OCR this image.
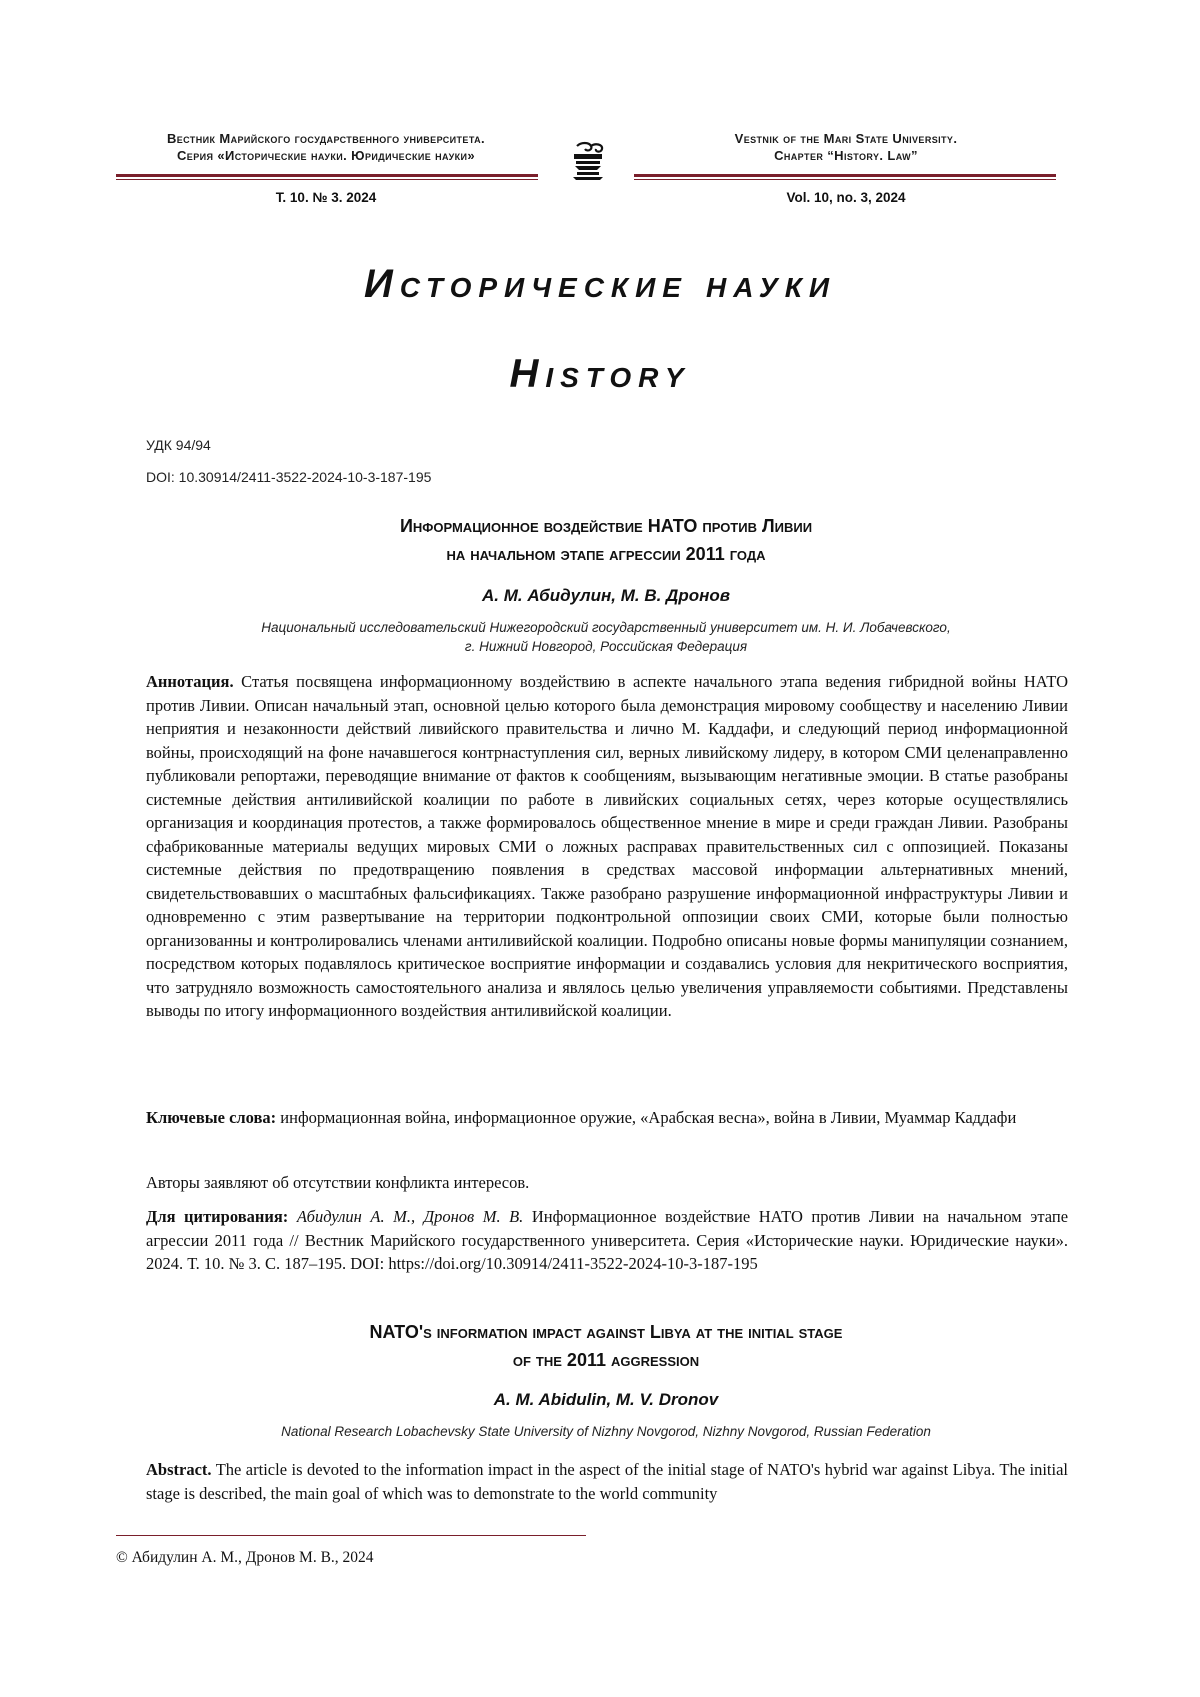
Вестник Марийского государственного университета.
Серия «Исторические науки. Юридические науки»
Vestnik of the Mari State University.
Chapter “History. Law”
Т. 10. № 3. 2024	Vol. 10, no. 3, 2024
Исторические науки
History
УДК 94/94
DOI: 10.30914/2411-3522-2024-10-3-187-195
Информационное воздействие НАТО против Ливии
на начальном этапе агрессии 2011 года
А. М. Абидулин, М. В. Дронов
Национальный исследовательский Нижегородский государственный университет им. Н. И. Лобачевского,
г. Нижний Новгород, Российская Федерация

Аннотация. Статья посвящена информационному воздействию в аспекте начального этапа ведения гибридной войны НАТО против Ливии. Описан начальный этап, основной целью которого была демонстрация мировому сообществу и населению Ливии неприятия и незаконности действий ливийского правительства и лично М. Каддафи, и следующий период информационной войны, происходящий на фоне начавшегося контрнаступления сил, верных ливийскому лидеру, в котором СМИ целенаправленно публиковали репортажи, переводящие внимание от фактов к сообщениям, вызывающим негативные эмоции. В статье разобраны системные действия антиливийской коалиции по работе в ливийских социальных сетях, через которые осуществлялись организация и координация протестов, а также формировалось общественное мнение в мире и среди граждан Ливии. Разобраны сфабрикованные материалы ведущих мировых СМИ о ложных расправах правительственных сил с оппозицией. Показаны системные действия по предотвращению появления в средствах массовой информации альтернативных мнений, свидетельствовавших о масштабных фальсификациях. Также разобрано разрушение информационной инфраструктуры Ливии и одновременно с этим развертывание на территории подконтрольной оппозиции своих СМИ, которые были полностью организованны и контролировались членами антиливийской коалиции. Подробно описаны новые формы манипуляции сознанием, посредством которых подавлялось критическое восприятие информации и создавались условия для некритического восприятия, что затрудняло возможность самостоятельного анализа и являлось целью увеличения управляемости событиями. Представлены выводы по итогу информационного воздействия антиливийской коалиции.

Ключевые слова: информационная война, информационное оружие, «Арабская весна», война в Ливии, Муаммар Каддафи

Авторы заявляют об отсутствии конфликта интересов.

Для цитирования: Абидулин А. М., Дронов М. В. Информационное воздействие НАТО против Ливии на начальном этапе агрессии 2011 года // Вестник Марийского государственного университета. Серия «Исторические науки. Юридические науки». 2024. Т. 10. № 3. С. 187–195. DOI: https://doi.org/10.30914/2411-3522-2024-10-3-187-195

NATO's information impact against Libya at the initial stage
of the 2011 aggression
A. M. Abidulin, M. V. Dronov
National Research Lobachevsky State University of Nizhny Novgorod, Nizhny Novgorod, Russian Federation

Abstract. The article is devoted to the information impact in the aspect of the initial stage of NATO's hybrid war against Libya. The initial stage is described, the main goal of which was to demonstrate to the world community

© Абидулин А. М., Дронов М. В., 2024
